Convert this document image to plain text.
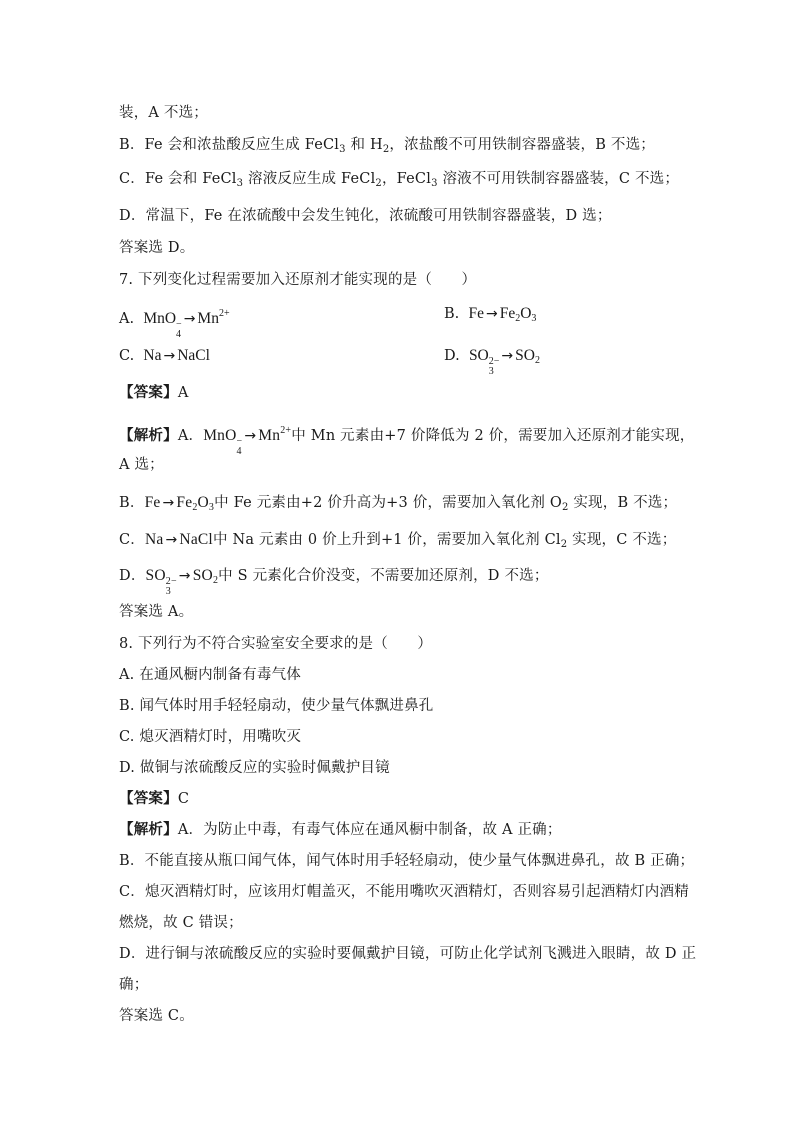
装，A 不选；
B．Fe 会和浓盐酸反应生成 FeCl$_3$ 和 $H_2$，浓盐酸不可用铁制容器盛装，B 不选；
C．Fe 会和 FeCl$_3$ 溶液反应生成 FeCl$_2$，FeCl$_3$ 溶液不可用铁制容器盛装，C 不选；
D．常温下，Fe 在浓硫酸中会发生钝化，浓硫酸可用铁制容器盛装，D 选；
答案选 D。
7. 下列变化过程需要加入还原剂才能实现的是（　　）
A. MnO −
4
→ $Mn^{2+}$	B. $Fe \to Fe_2O_3$
C. Na → NaCl	D. SO 2−
3
→ $SO_2$
【答案】A
【解析】A．MnO −
4
→ $Mn^{2+}$中 Mn 元素由+7 价降低为 2 价，需要加入还原剂才能实现，
A 选；
B．$Fe \to Fe_2O_3$中 Fe 元素由+2 价升高为+3 价，需要加入氧化剂 $O_2$ 实现，B 不选；
C．Na → NaCl中 Na 元素由 0 价上升到+1 价，需要加入氧化剂 $Cl_2$ 实现，C 不选；
D．SO 2−
3
→ $SO_2$中 S 元素化合价没变，不需要加还原剂，D 不选；
答案选 A。
8. 下列行为不符合实验室安全要求的是（　　）
A. 在通风橱内制备有毒气体
B. 闻气体时用手轻轻扇动，使少量气体飘进鼻孔
C. 熄灭酒精灯时，用嘴吹灭
D. 做铜与浓硫酸反应的实验时佩戴护目镜
【答案】C
【解析】A．为防止中毒，有毒气体应在通风橱中制备，故 A 正确；
B．不能直接从瓶口闻气体，闻气体时用手轻轻扇动，使少量气体飘进鼻孔，故 B 正确；
C．熄灭酒精灯时，应该用灯帽盖灭，不能用嘴吹灭酒精灯，否则容易引起酒精灯内酒精
燃烧，故 C 错误；
D．进行铜与浓硫酸反应的实验时要佩戴护目镜，可防止化学试剂飞溅进入眼睛，故 D 正
确；
答案选 C。
